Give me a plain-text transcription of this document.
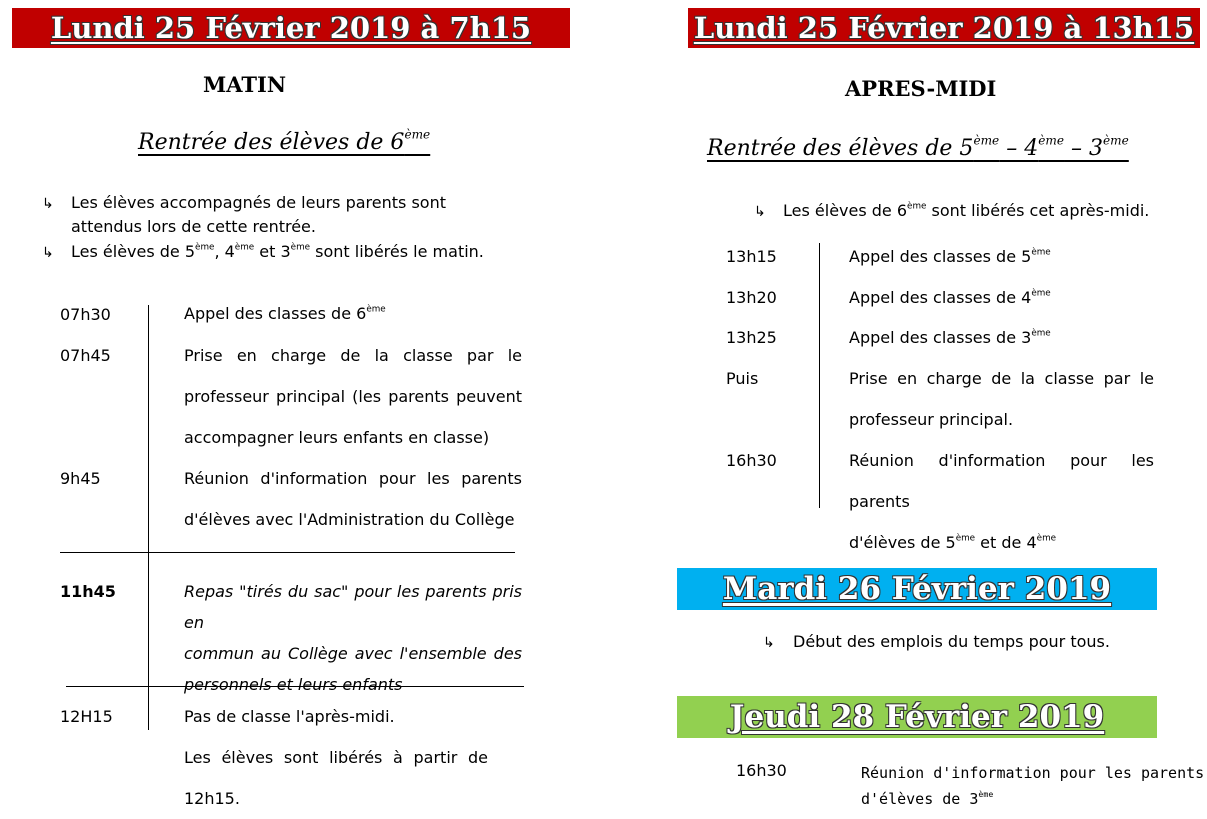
Lundi 25 Février 2019 à 7h15
MATIN
Rentrée des élèves de 6ème
↳ Les élèves accompagnés de leurs parents sont
attendus lors de cette rentrée.
↳ Les élèves de 5ème, 4ème et 3ème sont libérés le matin.
07h30	Appel des classes de 6ème
07h45	Prise en charge de la classe par le
professeur principal (les parents peuvent
accompagner leurs enfants en classe)
9h45	Réunion d'information pour les parents
d'élèves avec l'Administration du Collège
11h45	Repas "tirés du sac" pour les parents pris en
commun au Collège avec l'ensemble des
personnels et leurs enfants
12H15	Pas de classe l'après-midi.
Les élèves sont libérés à partir de
12h15.
Lundi 25 Février 2019 à 13h15
APRES-MIDI
Rentrée des élèves de 5ème – 4ème – 3ème
↳ Les élèves de 6ème sont libérés cet après-midi.
13h15	Appel des classes de 5ème
13h20	Appel des classes de 4ème
13h25	Appel des classes de 3ème
Puis	Prise en charge de la classe par le
professeur principal.
16h30	Réunion d'information pour les parents
d'élèves de 5ème et de 4ème
Mardi 26 Février 2019
↳ Début des emplois du temps pour tous.
Jeudi 28 Février 2019
16h30	Réunion d'information pour les parents
d'élèves de 3ème
